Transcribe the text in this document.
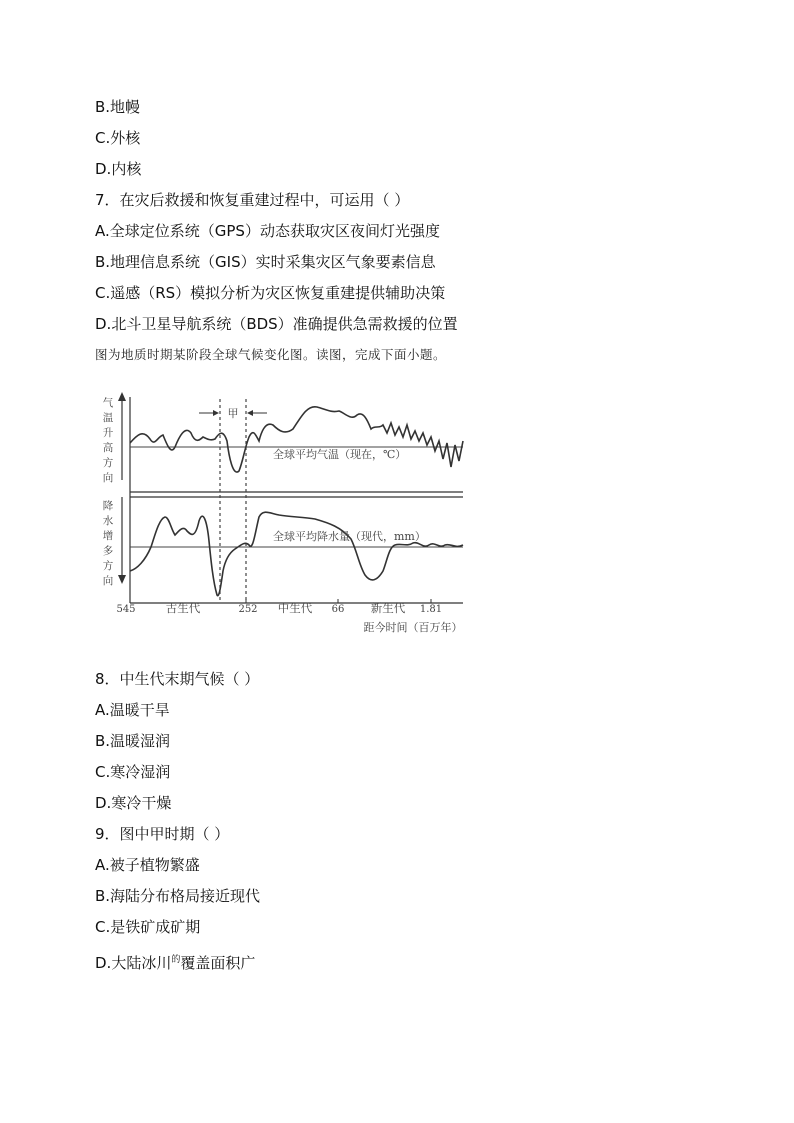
B.地幔
C.外核
D.内核
7．在灾后救援和恢复重建过程中，可运用（ ）
A.全球定位系统（GPS）动态获取灾区夜间灯光强度
B.地理信息系统（GIS）实时采集灾区气象要素信息
C.遥感（RS）模拟分析为灾区恢复重建提供辅助决策
D.北斗卫星导航系统（BDS）准确提供急需救援的位置
图为地质时期某阶段全球气候变化图。读图，完成下面小题。
气
温
升
高
方
向
降
水
增
多
方
向
甲
全球平均气温（现在，℃）
全球平均降水量（现代，mm）
545	252	66	1.81
古生代	中生代	新生代
距今时间（百万年）
8．中生代末期气候（ ）
A.温暖干旱
B.温暖湿润
C.寒冷湿润
D.寒冷干燥
9．图中甲时期（ ）
A.被子植物繁盛
B.海陆分布格局接近现代
C.是铁矿成矿期
D.大陆冰川$^的$覆盖面积广
